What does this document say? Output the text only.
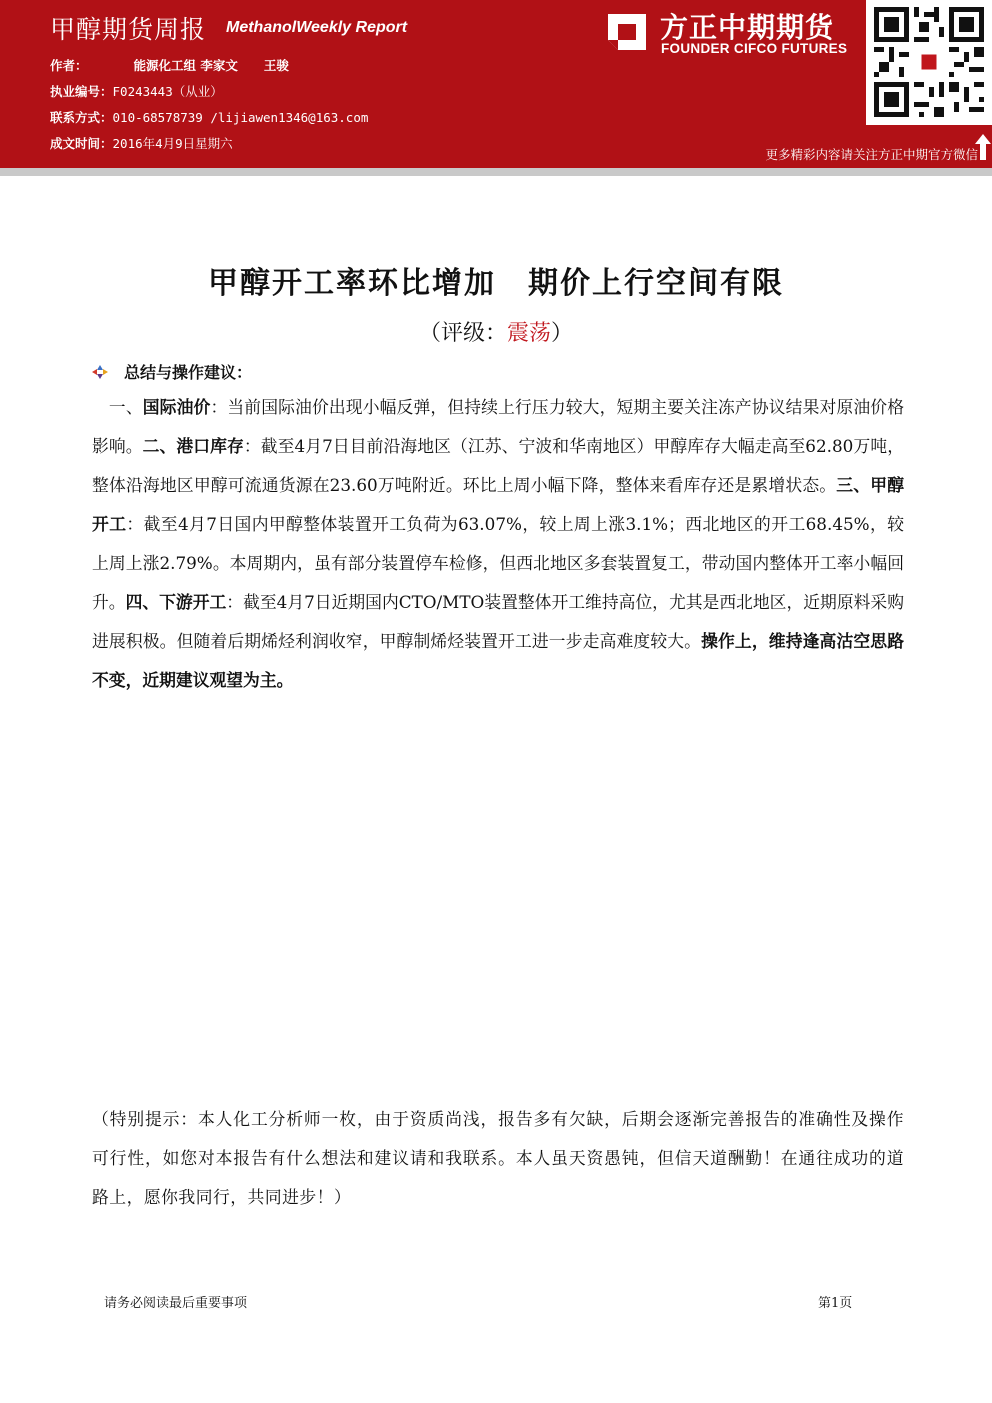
甲醇期货周报 MethanolWeekly Report
作者：	能源化工组 李家文 王骏
执业编号：F0243443（从业）
联系方式：010-68578739 /lijiawen1346@163.com
成文时间：2016年4月9日星期六
方正中期期货
FOUNDER CIFCO FUTURES
更多精彩内容请关注方正中期官方微信
甲醇开工率环比增加　期价上行空间有限
（评级：震荡）
总结与操作建议：
　一、国际油价：当前国际油价出现小幅反弹，但持续上行压力较大，短期主要关注冻产协议结果对原油价格影响。二、港口库存：截至4月7日目前沿海地区（江苏、宁波和华南地区）甲醇库存大幅走高至62.80万吨，整体沿海地区甲醇可流通货源在23.60万吨附近。环比上周小幅下降，整体来看库存还是累增状态。三、甲醇开工：截至4月7日国内甲醇整体装置开工负荷为63.07%，较上周上涨3.1%；西北地区的开工68.45%，较上周上涨2.79%。本周期内，虽有部分装置停车检修，但西北地区多套装置复工，带动国内整体开工率小幅回升。四、下游开工：截至4月7日近期国内CTO/MTO装置整体开工维持高位，尤其是西北地区，近期原料采购进展积极。但随着后期烯烃利润收窄，甲醇制烯烃装置开工进一步走高难度较大。操作上，维持逢高沽空思路不变，近期建议观望为主。
（特别提示：本人化工分析师一枚，由于资质尚浅，报告多有欠缺，后期会逐渐完善报告的准确性及操作可行性，如您对本报告有什么想法和建议请和我联系。本人虽天资愚钝，但信天道酬勤！在通往成功的道路上，愿你我同行，共同进步！）
请务必阅读最后重要事项	第1页
